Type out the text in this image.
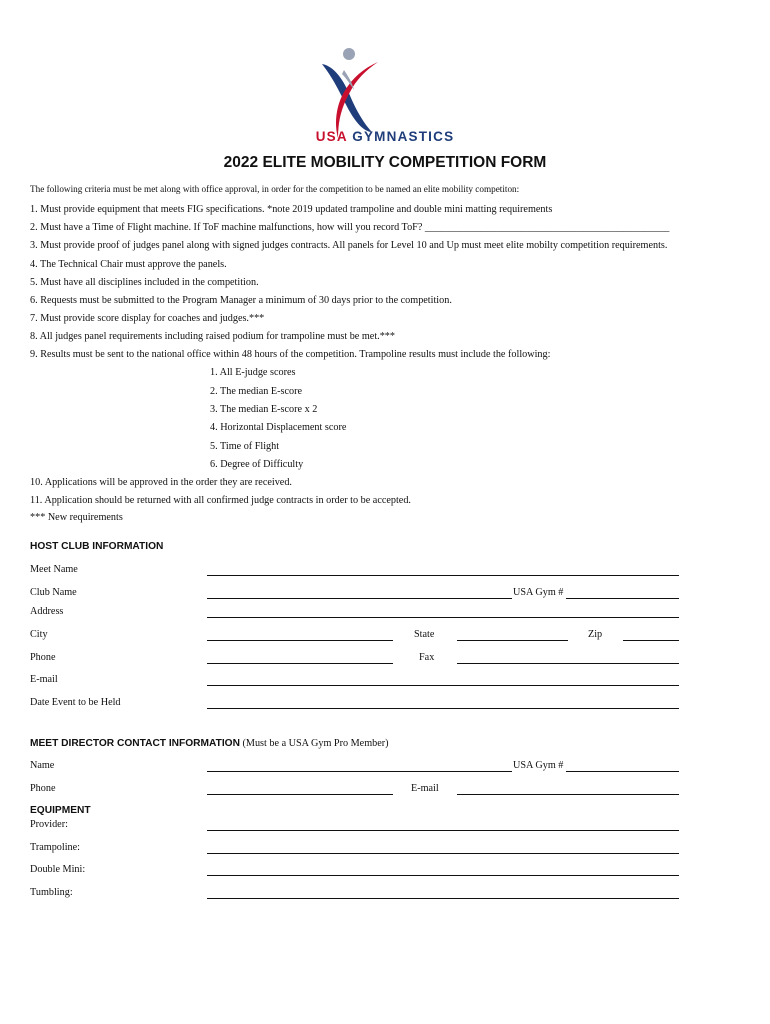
USA GYMNASTICS
2022 ELITE MOBILITY COMPETITION FORM
The following criteria must be met along with office approval, in order for the competition to be named an elite mobility competiton:
1. Must provide equipment that meets FIG specifications. *note 2019 updated trampoline and double mini matting requirements
2. Must have a Time of Flight machine. If ToF machine malfunctions, how will you record ToF? ________________________________________________
3. Must provide proof of judges panel along with signed judges contracts. All panels for Level 10 and Up must meet elite mobilty competition requirements.
4. The Technical Chair must approve the panels.
5. Must have all disciplines included in the competition.
6. Requests must be submitted to the Program Manager a minimum of 30 days prior to the competition.
7. Must provide score display for coaches and judges.***
8. All judges panel requirements including raised podium for trampoline must be met.***
9. Results must be sent to the national office within 48 hours of the competition. Trampoline results must include the following:
1. All E-judge scores
2. The median E-score
3. The median E-score x 2
4. Horizontal Displacement score
5. Time of Flight
6. Degree of Difficulty
10. Applications will be approved in the order they are received.
11. Application should be returned with all confirmed judge contracts in order to be accepted.
*** New requirements
HOST CLUB INFORMATION
Meet Name
Club Name	USA Gym #
Address
City	State	Zip
Phone	Fax
E-mail
Date Event to be Held
MEET DIRECTOR CONTACT INFORMATION (Must be a USA Gym Pro Member)
Name	USA Gym #
Phone	E-mail
EQUIPMENT
Provider:
Trampoline:
Double Mini:
Tumbling:
